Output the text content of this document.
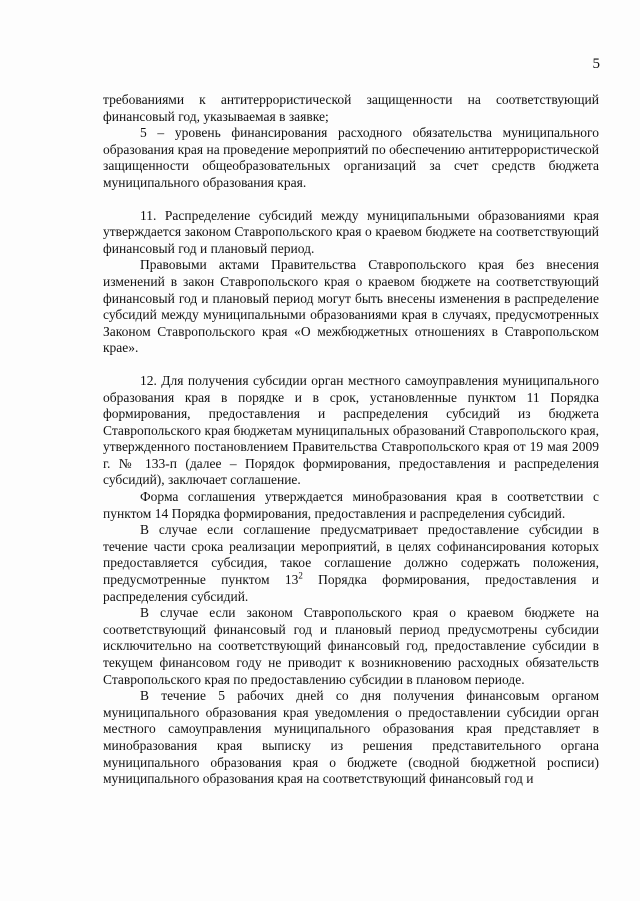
5

требованиями к антитеррористической защищенности на соответствующий финансовый год, указываемая в заявке;

5 – уровень финансирования расходного обязательства муниципального образования края на проведение мероприятий по обеспечению антитеррористической защищенности общеобразовательных организаций за счет средств бюджета муниципального образования края.

11. Распределение субсидий между муниципальными образованиями края утверждается законом Ставропольского края о краевом бюджете на соответствующий финансовый год и плановый период.

Правовыми актами Правительства Ставропольского края без внесения изменений в закон Ставропольского края о краевом бюджете на соответствующий финансовый год и плановый период могут быть внесены изменения в распределение субсидий между муниципальными образованиями края в случаях, предусмотренных Законом Ставропольского края «О межбюджетных отношениях в Ставропольском крае».

12. Для получения субсидии орган местного самоуправления муниципального образования края в порядке и в срок, установленные пунктом 11 Порядка формирования, предоставления и распределения субсидий из бюджета Ставропольского края бюджетам муниципальных образований Ставропольского края, утвержденного постановлением Правительства Ставропольского края от 19 мая 2009 г. № 133-п (далее – Порядок формирования, предоставления и распределения субсидий), заключает соглашение.

Форма соглашения утверждается минобразования края в соответствии с пунктом 14 Порядка формирования, предоставления и распределения субсидий.

В случае если соглашение предусматривает предоставление субсидии в течение части срока реализации мероприятий, в целях софинансирования которых предоставляется субсидия, такое соглашение должно содержать положения, предусмотренные пунктом $13^2$ Порядка формирования, предоставления и распределения субсидий.

В случае если законом Ставропольского края о краевом бюджете на соответствующий финансовый год и плановый период предусмотрены субсидии исключительно на соответствующий финансовый год, предоставление субсидии в текущем финансовом году не приводит к возникновению расходных обязательств Ставропольского края по предоставлению субсидии в плановом периоде.

В течение 5 рабочих дней со дня получения финансовым органом муниципального образования края уведомления о предоставлении субсидии орган местного самоуправления муниципального образования края представляет в минобразования края выписку из решения представительного органа муниципального образования края о бюджете (сводной бюджетной росписи) муниципального образования края на соответствующий финансовый год и
